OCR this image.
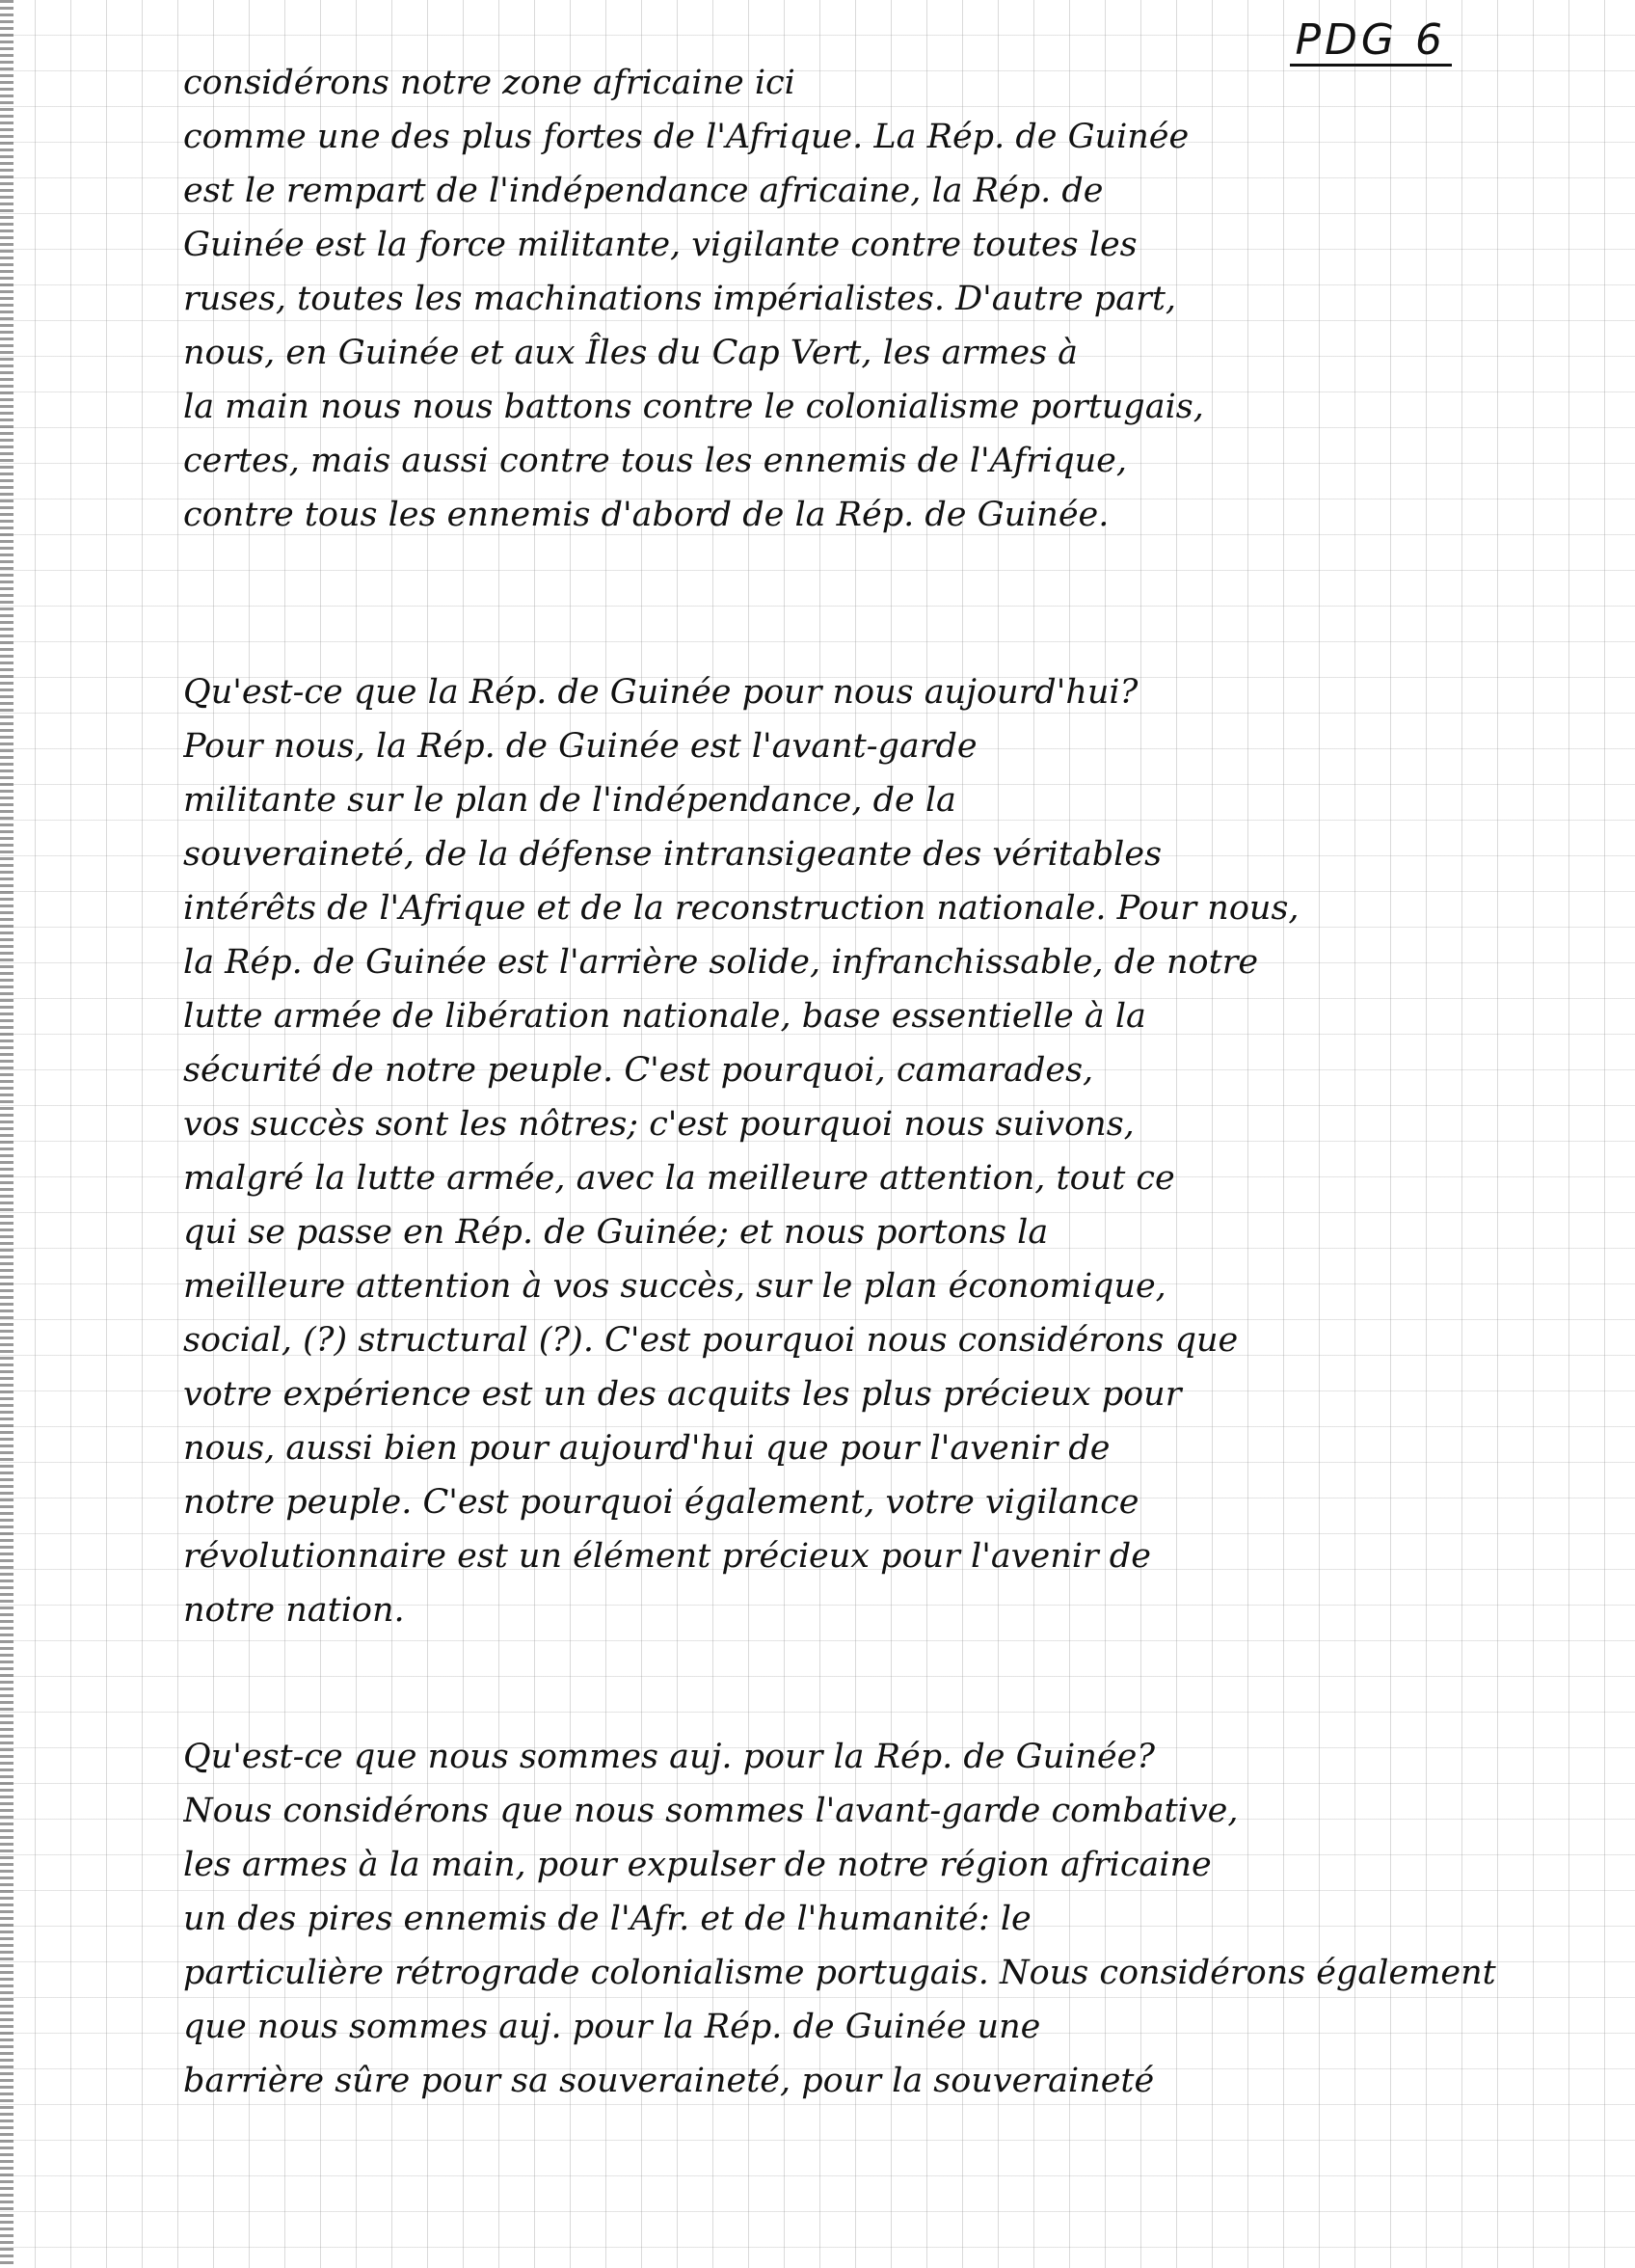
PDG 6
considérons notre zone africaine ici
comme une des plus fortes de l'Afrique. La Rép. de Guinée
est le rempart de l'indépendance africaine, la Rép. de
Guinée est la force militante, vigilante contre toutes les
ruses, toutes les machinations impérialistes. D'autre part,
nous, en Guinée et aux Îles du Cap Vert, les armes à
la main nous nous battons contre le colonialisme portugais,
certes, mais aussi contre tous les ennemis de l'Afrique,
contre tous les ennemis d'abord de la Rép. de Guinée.
Qu'est-ce que la Rép. de Guinée pour nous aujourd'hui?
Pour nous, la Rép. de Guinée est l'avant-garde
militante sur le plan de l'indépendance, de la
souveraineté, de la défense intransigeante des véritables
intérêts de l'Afrique et de la reconstruction nationale. Pour nous,
la Rép. de Guinée est l'arrière solide, infranchissable, de notre
lutte armée de libération nationale, base essentielle à la
sécurité de notre peuple. C'est pourquoi, camarades,
vos succès sont les nôtres; c'est pourquoi nous suivons,
malgré la lutte armée, avec la meilleure attention, tout ce
qui se passe en Rép. de Guinée; et nous portons la
meilleure attention à vos succès, sur le plan économique,
social, (?) structural (?). C'est pourquoi nous considérons que
votre expérience est un des acquits les plus précieux pour
nous, aussi bien pour aujourd'hui que pour l'avenir de
notre peuple. C'est pourquoi également, votre vigilance
révolutionnaire est un élément précieux pour l'avenir de
notre nation.
Qu'est-ce que nous sommes auj. pour la Rép. de Guinée?
Nous considérons que nous sommes l'avant-garde combative,
les armes à la main, pour expulser de notre région africaine
un des pires ennemis de l'Afr. et de l'humanité: le
particulière rétrograde colonialisme portugais. Nous considérons également
que nous sommes auj. pour la Rép. de Guinée une
barrière sûre pour sa souveraineté, pour la souveraineté
